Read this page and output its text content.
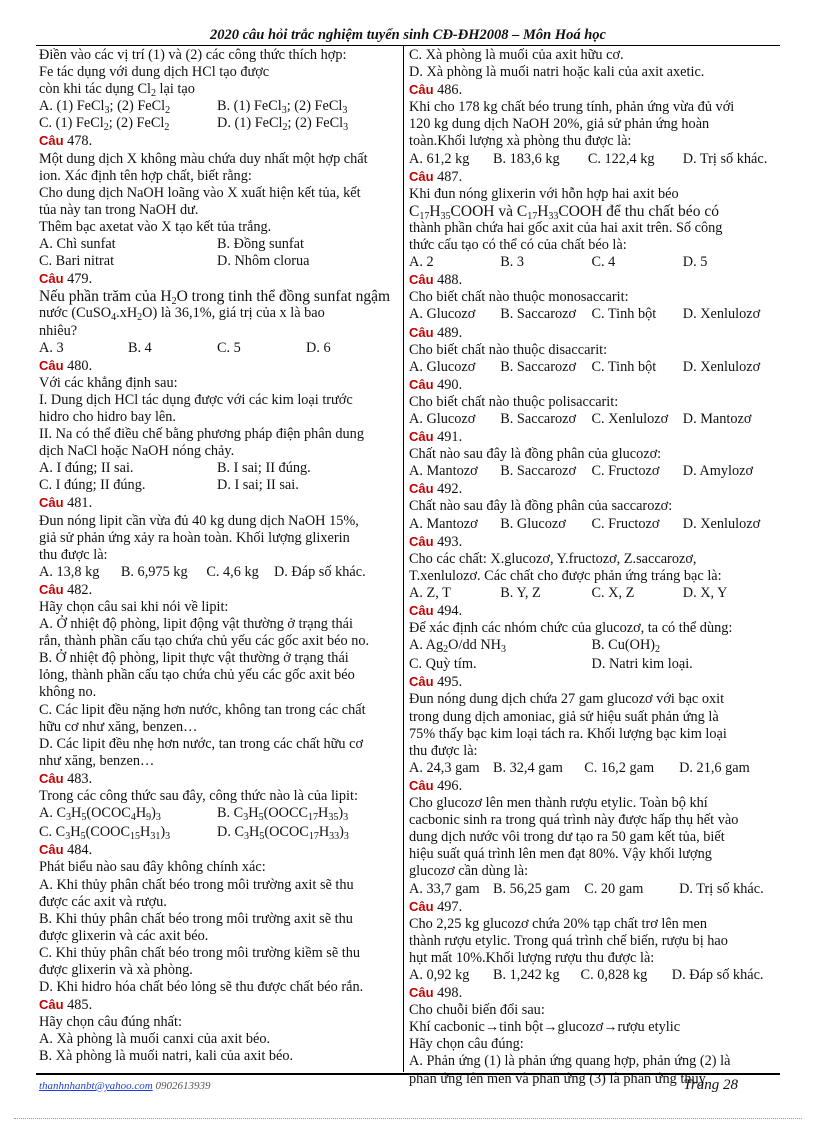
2020 câu hỏi trắc nghiệm tuyển sinh CĐ-ĐH2008 – Môn Hoá học

Điền vào các vị trí (1) và (2) các công thức thích hợp:

Fe tác dụng với dung dịch HCl tạo được

còn khi tác dụng $Cl_2$ lại tạo

A. (1) FeCl$_3$; (2) FeCl$_2$	B. (1) FeCl$_3$; (2) FeCl$_3$
C. (1) FeCl$_2$; (2) FeCl$_2$	D. (1) FeCl$_2$; (2) FeCl$_3$

Câu 478.

Một dung dịch X không màu chứa duy nhất một hợp chất

ion. Xác định tên hợp chất, biết rằng:

Cho dung dịch NaOH loãng vào X xuất hiện kết tủa, kết

tủa này tan trong NaOH dư.

Thêm bạc axetat vào X tạo kết tủa trắng.

A. Chì sunfat	B. Đồng sunfat
C. Bari nitrat	D. Nhôm clorua

Câu 479.

Nếu phần trăm của $H_2O$ trong tinh thể đồng sunfat ngậm

nước $(CuSO_4.xH_2O)$ là 36,1%, giá trị của x là bao

nhiêu?

A. 3	B. 4	C. 5	D. 6

Câu 480.

Với các khẳng định sau:

I. Dung dịch HCl tác dụng được với các kim loại trước

hidro cho hidro bay lên.

II. Na có thể điều chế bằng phương pháp điện phân dung

dịch NaCl hoặc NaOH nóng chảy.

A. I đúng; II sai.	B. I sai; II đúng.
C. I đúng; II đúng.	D. I sai; II sai.

Câu 481.

Đun nóng lipit cần vừa đủ 40 kg dung dịch NaOH 15%,

giả sử phản ứng xảy ra hoàn toàn. Khối lượng glixerin

thu được là:

A. 13,8 kg	B. 6,975 kg	C. 4,6 kg	D. Đáp số khác.

Câu 482.

Hãy chọn câu sai khi nói về lipit:

A. Ở nhiệt độ phòng, lipit động vật thường ở trạng thái

rắn, thành phần cấu tạo chứa chủ yếu các gốc axit béo no.

B. Ở nhiệt độ phòng, lipit thực vật thường ở trạng thái

lỏng, thành phần cấu tạo chứa chủ yếu các gốc axit béo

không no.

C. Các lipit đều nặng hơn nước, không tan trong các chất

hữu cơ như xăng, benzen…

D. Các lipit đều nhẹ hơn nước, tan trong các chất hữu cơ

như xăng, benzen…

Câu 483.

Trong các công thức sau đây, công thức nào là của lipit:

A. $C_3H_5(OCOC_4H_9)_3$	B. $C_3H_5(OOCC_{17}H_{35})_3$
C. $C_3H_5(COOC_{15}H_{31})_3$	D. $C_3H_5(OCOC_{17}H_{33})_3$

Câu 484.

Phát biểu nào sau đây không chính xác:

A. Khi thủy phân chất béo trong môi trường axit sẽ thu

được các axit và rượu.

B. Khi thủy phân chất béo trong môi trường axit sẽ thu

được glixerin và các axit béo.

C. Khi thủy phân chất béo trong môi trường kiềm sẽ thu

được glixerin và xà phòng.

D. Khi hidro hóa chất béo lỏng sẽ thu được chất béo rắn.

Câu 485.

Hãy chọn câu đúng nhất:

A. Xà phòng là muối canxi của axit béo.

B. Xà phòng là muối natri, kali của axit béo.

C. Xà phòng là muối của axit hữu cơ.

D. Xà phòng là muối natri hoặc kali của axit axetic.

Câu 486.

Khi cho 178 kg chất béo trung tính, phản ứng vừa đủ với

120 kg dung dịch NaOH 20%, giả sử phản ứng hoàn

toàn.Khối lượng xà phòng thu được là:

A. 61,2 kg	B. 183,6 kg	C. 122,4 kg	D. Trị số khác.

Câu 487.

Khi đun nóng glixerin với hỗn hợp hai axit béo

$C_{17}H_{35}COOH$ và $C_{17}H_{33}COOH$ để thu chất béo có

thành phần chứa hai gốc axit của hai axit trên. Số công

thức cấu tạo có thể có của chất béo là:

A. 2	B. 3	C. 4	D. 5

Câu 488.

Cho biết chất nào thuộc monosaccarit:

A. Glucozơ	B. Saccarozơ	C. Tinh bột	D. Xenlulozơ

Câu 489.

Cho biết chất nào thuộc disaccarit:

A. Glucozơ	B. Saccarozơ	C. Tinh bột	D. Xenlulozơ

Câu 490.

Cho biết chất nào thuộc polisaccarit:

A. Glucozơ	B. Saccarozơ	C. Xenlulozơ	D. Mantozơ

Câu 491.

Chất nào sau đây là đồng phân của glucozơ:

A. Mantozơ	B. Saccarozơ	C. Fructozơ	D. Amylozơ

Câu 492.

Chất nào sau đây là đồng phân của saccarozơ:

A. Mantozơ	B. Glucozơ	C. Fructozơ	D. Xenlulozơ

Câu 493.

Cho các chất: X.glucozơ, Y.fructozơ, Z.saccarozơ,

T.xenlulozơ. Các chất cho được phản ứng tráng bạc là:

A. Z, T	B. Y, Z	C. X, Z	D. X, Y

Câu 494.

Để xác định các nhóm chức của glucozơ, ta có thể dùng:

A. $Ag_2O/dd$ $NH_3$	B. $Cu(OH)_2$
C. Quỳ tím.	D. Natri kim loại.

Câu 495.

Đun nóng dung dịch chứa 27 gam glucozơ với bạc oxit

trong dung dịch amoniac, giả sử hiệu suất phản ứng là

75% thấy bạc kim loại tách ra. Khối lượng bạc kim loại

thu được là:

A. 24,3 gam B. 32,4 gam	C. 16,2 gam	D. 21,6 gam

Câu 496.

Cho glucozơ lên men thành rượu etylic. Toàn bộ khí

cacbonic sinh ra trong quá trình này được hấp thụ hết vào

dung dịch nước vôi trong dư tạo ra 50 gam kết tủa, biết

hiệu suất quá trình lên men đạt 80%. Vậy khối lượng

glucozơ cần dùng là:

A. 33,7 gam B. 56,25 gam C. 20 gam	D. Trị số khác.

Câu 497.

Cho 2,25 kg glucozơ chứa 20% tạp chất trơ lên men

thành rượu etylic. Trong quá trình chế biến, rượu bị hao

hụt mất 10%.Khối lượng rượu thu được là:

A. 0,92 kg	B. 1,242 kg	C. 0,828 kg	D. Đáp số khác.

Câu 498.

Cho chuỗi biến đổi sau:

Khí cacbonic→tinh bột→glucozơ→rượu etylic

Hãy chọn câu đúng:

A. Phản ứng (1) là phản ứng quang hợp, phản ứng (2) là

phản ứng lên men và phản ứng (3) là phản ứng thủy

thanhnhanbt@yahoo.com 0902613939	Trang 28
